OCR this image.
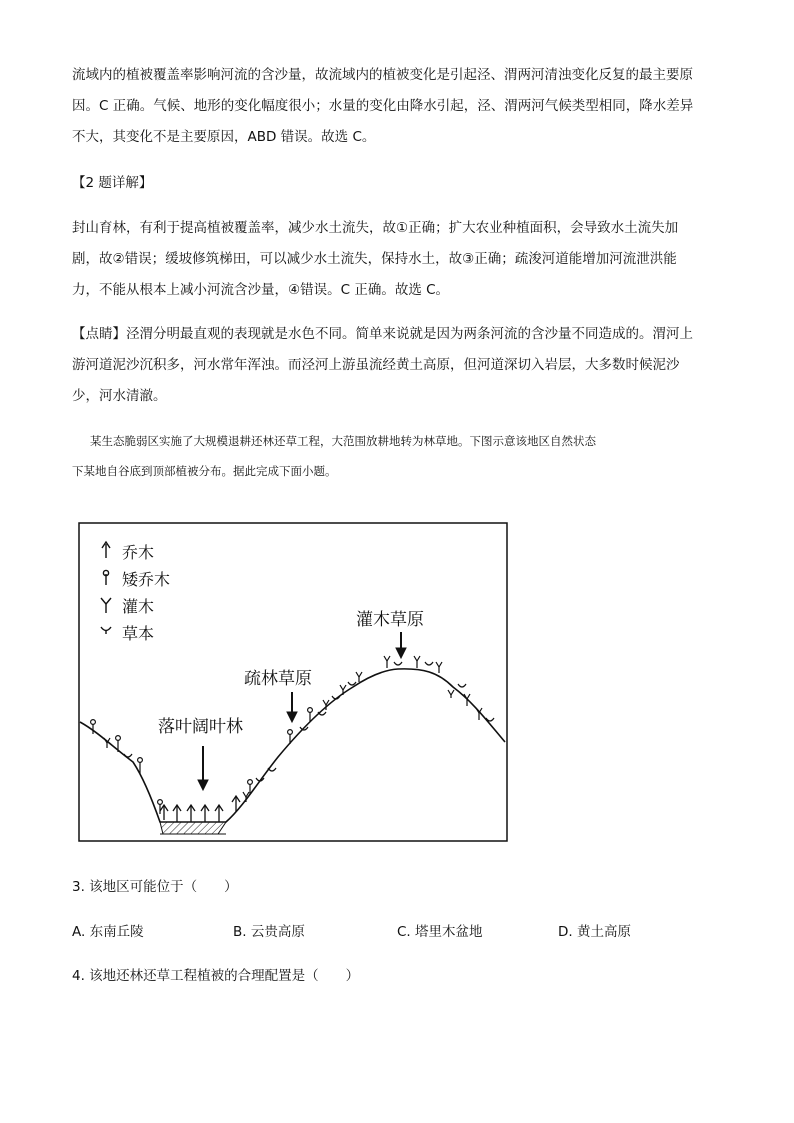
流域内的植被覆盖率影响河流的含沙量，故流域内的植被变化是引起泾、渭两河清浊变化反复的最主要原
因。C 正确。气候、地形的变化幅度很小；水量的变化由降水引起，泾、渭两河气候类型相同，降水差异
不大，其变化不是主要原因，ABD 错误。故选 C。
【2 题详解】
封山育林，有利于提高植被覆盖率，减少水土流失，故①正确；扩大农业种植面积，会导致水土流失加
剧，故②错误；缓坡修筑梯田，可以减少水土流失，保持水土，故③正确；疏浚河道能增加河流泄洪能
力，不能从根本上减小河流含沙量，④错误。C 正确。故选 C。
【点睛】泾渭分明最直观的表现就是水色不同。简单来说就是因为两条河流的含沙量不同造成的。渭河上
游河道泥沙沉积多，河水常年浑浊。而泾河上游虽流经黄土高原，但河道深切入岩层，大多数时候泥沙
少，河水清澈。
某生态脆弱区实施了大规模退耕还林还草工程，大范围放耕地转为林草地。下图示意该地区自然状态
下某地自谷底到顶部植被分布。据此完成下面小题。
乔木
矮乔木
灌木
草本
灌木草原
疏林草原
落叶阔叶林
3. 该地区可能位于（　　）
A. 东南丘陵	B. 云贵高原	C. 塔里木盆地	D. 黄土高原
4. 该地还林还草工程植被的合理配置是（　　）
